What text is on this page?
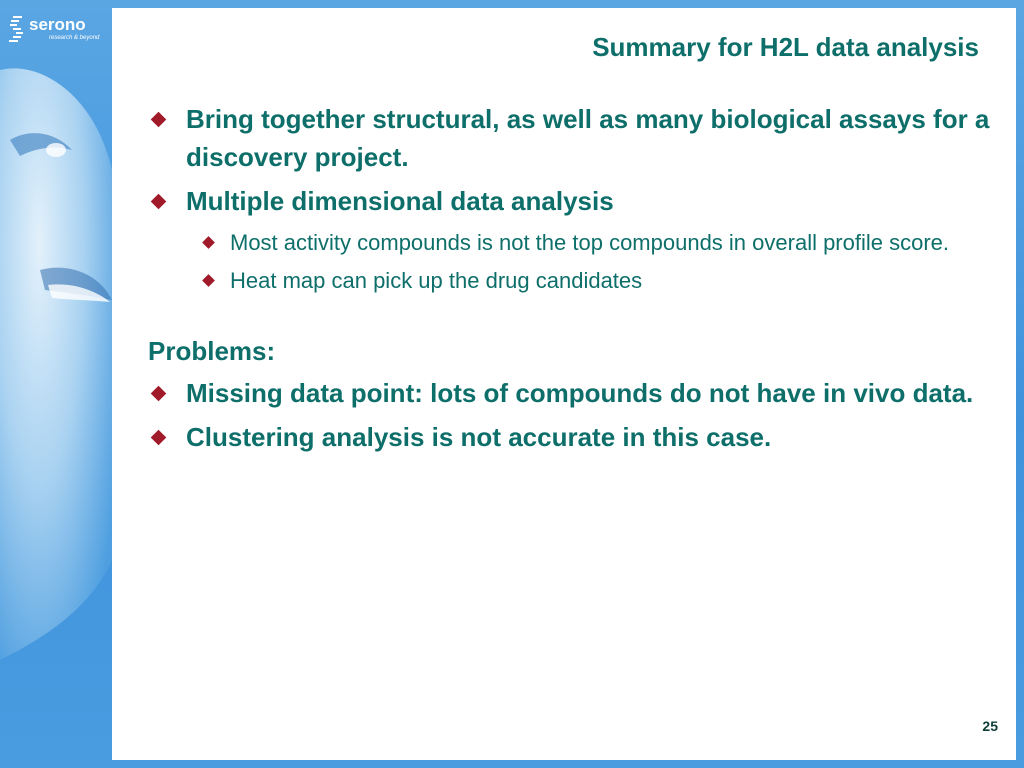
serono
research & beyond	Summary for H2L data analysis
Bring together structural, as well as many biological assays for a discovery project.
Multiple dimensional data analysis
Most activity compounds is not the top compounds in overall profile score.
Heat map can pick up the drug candidates
Problems:
Missing data point: lots of compounds do not have in vivo data.
Clustering analysis is not accurate in this case.
25
